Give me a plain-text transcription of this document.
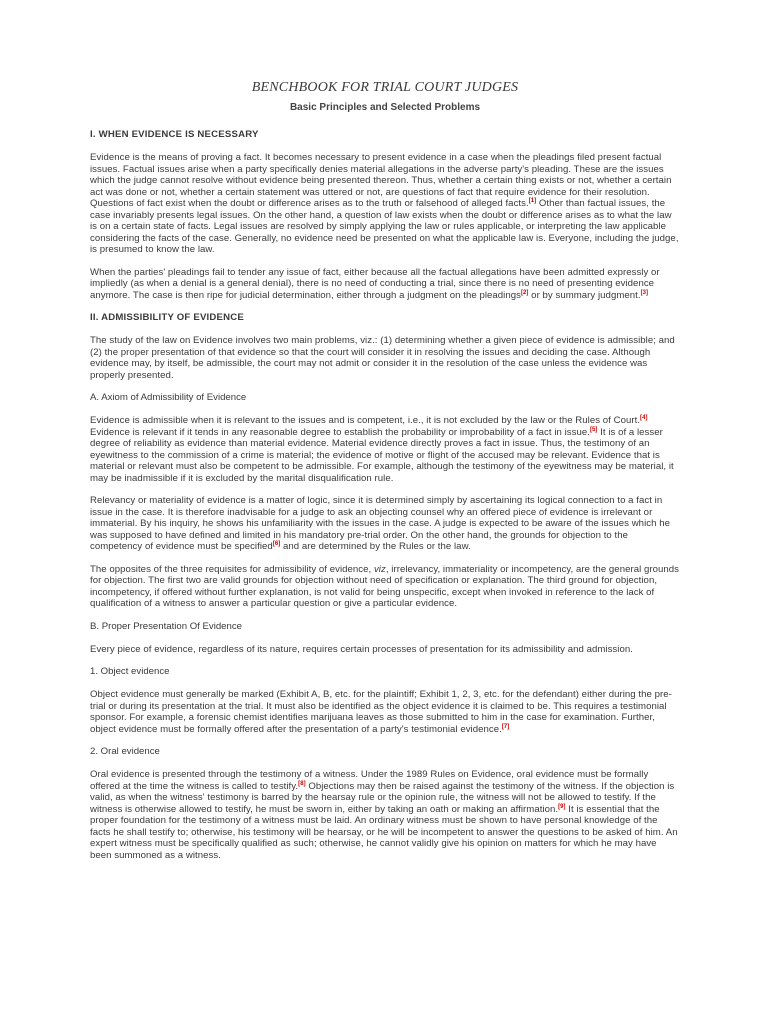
BENCHBOOK FOR TRIAL COURT JUDGES
Basic Principles and Selected Problems
I. WHEN EVIDENCE IS NECESSARY

Evidence is the means of proving a fact. It becomes necessary to present evidence in a case when the pleadings filed present factual issues. Factual issues arise when a party specifically denies material allegations in the adverse party's pleading. These are the issues which the judge cannot resolve without evidence being presented thereon. Thus, whether a certain thing exists or not, whether a certain act was done or not, whether a certain statement was uttered or not, are questions of fact that require evidence for their resolution. Questions of fact exist when the doubt or difference arises as to the truth or falsehood of alleged facts.[1] Other than factual issues, the case invariably presents legal issues. On the other hand, a question of law exists when the doubt or difference arises as to what the law is on a certain state of facts. Legal issues are resolved by simply applying the law or rules applicable, or interpreting the law applicable considering the facts of the case. Generally, no evidence need be presented on what the applicable law is. Everyone, including the judge, is presumed to know the law.

When the parties' pleadings fail to tender any issue of fact, either because all the factual allegations have been admitted expressly or impliedly (as when a denial is a general denial), there is no need of conducting a trial, since there is no need of presenting evidence anymore. The case is then ripe for judicial determination, either through a judgment on the pleadings[2] or by summary judgment.[3]

II. ADMISSIBILITY OF EVIDENCE

The study of the law on Evidence involves two main problems, viz.: (1) determining whether a given piece of evidence is admissible; and (2) the proper presentation of that evidence so that the court will consider it in resolving the issues and deciding the case. Although evidence may, by itself, be admissible, the court may not admit or consider it in the resolution of the case unless the evidence was properly presented.

A. Axiom of Admissibility of Evidence

Evidence is admissible when it is relevant to the issues and is competent, i.e., it is not excluded by the law or the Rules of Court.[4] Evidence is relevant if it tends in any reasonable degree to establish the probability or improbability of a fact in issue.[5] It is of a lesser degree of reliability as evidence than material evidence. Material evidence directly proves a fact in issue. Thus, the testimony of an eyewitness to the commission of a crime is material; the evidence of motive or flight of the accused may be relevant. Evidence that is material or relevant must also be competent to be admissible. For example, although the testimony of the eyewitness may be material, it may be inadmissible if it is excluded by the marital disqualification rule.

Relevancy or materiality of evidence is a matter of logic, since it is determined simply by ascertaining its logical connection to a fact in issue in the case. It is therefore inadvisable for a judge to ask an objecting counsel why an offered piece of evidence is irrelevant or immaterial. By his inquiry, he shows his unfamiliarity with the issues in the case. A judge is expected to be aware of the issues which he was supposed to have defined and limited in his mandatory pre-trial order. On the other hand, the grounds for objection to the competency of evidence must be specified[6] and are determined by the Rules or the law.

The opposites of the three requisites for admissibility of evidence, viz, irrelevancy, immateriality or incompetency, are the general grounds for objection. The first two are valid grounds for objection without need of specification or explanation. The third ground for objection, incompetency, if offered without further explanation, is not valid for being unspecific, except when invoked in reference to the lack of qualification of a witness to answer a particular question or give a particular evidence.

B. Proper Presentation Of Evidence

Every piece of evidence, regardless of its nature, requires certain processes of presentation for its admissibility and admission.

1. Object evidence

Object evidence must generally be marked (Exhibit A, B, etc. for the plaintiff; Exhibit 1, 2, 3, etc. for the defendant) either during the pre-trial or during its presentation at the trial. It must also be identified as the object evidence it is claimed to be. This requires a testimonial sponsor. For example, a forensic chemist identifies marijuana leaves as those submitted to him in the case for examination. Further, object evidence must be formally offered after the presentation of a party's testimonial evidence.[7]

2. Oral evidence

Oral evidence is presented through the testimony of a witness. Under the 1989 Rules on Evidence, oral evidence must be formally offered at the time the witness is called to testify.[8] Objections may then be raised against the testimony of the witness. If the objection is valid, as when the witness' testimony is barred by the hearsay rule or the opinion rule, the witness will not be allowed to testify. If the witness is otherwise allowed to testify, he must be sworn in, either by taking an oath or making an affirmation.[9] It is essential that the proper foundation for the testimony of a witness must be laid. An ordinary witness must be shown to have personal knowledge of the facts he shall testify to; otherwise, his testimony will be hearsay, or he will be incompetent to answer the questions to be asked of him. An expert witness must be specifically qualified as such; otherwise, he cannot validly give his opinion on matters for which he may have been summoned as a witness.
